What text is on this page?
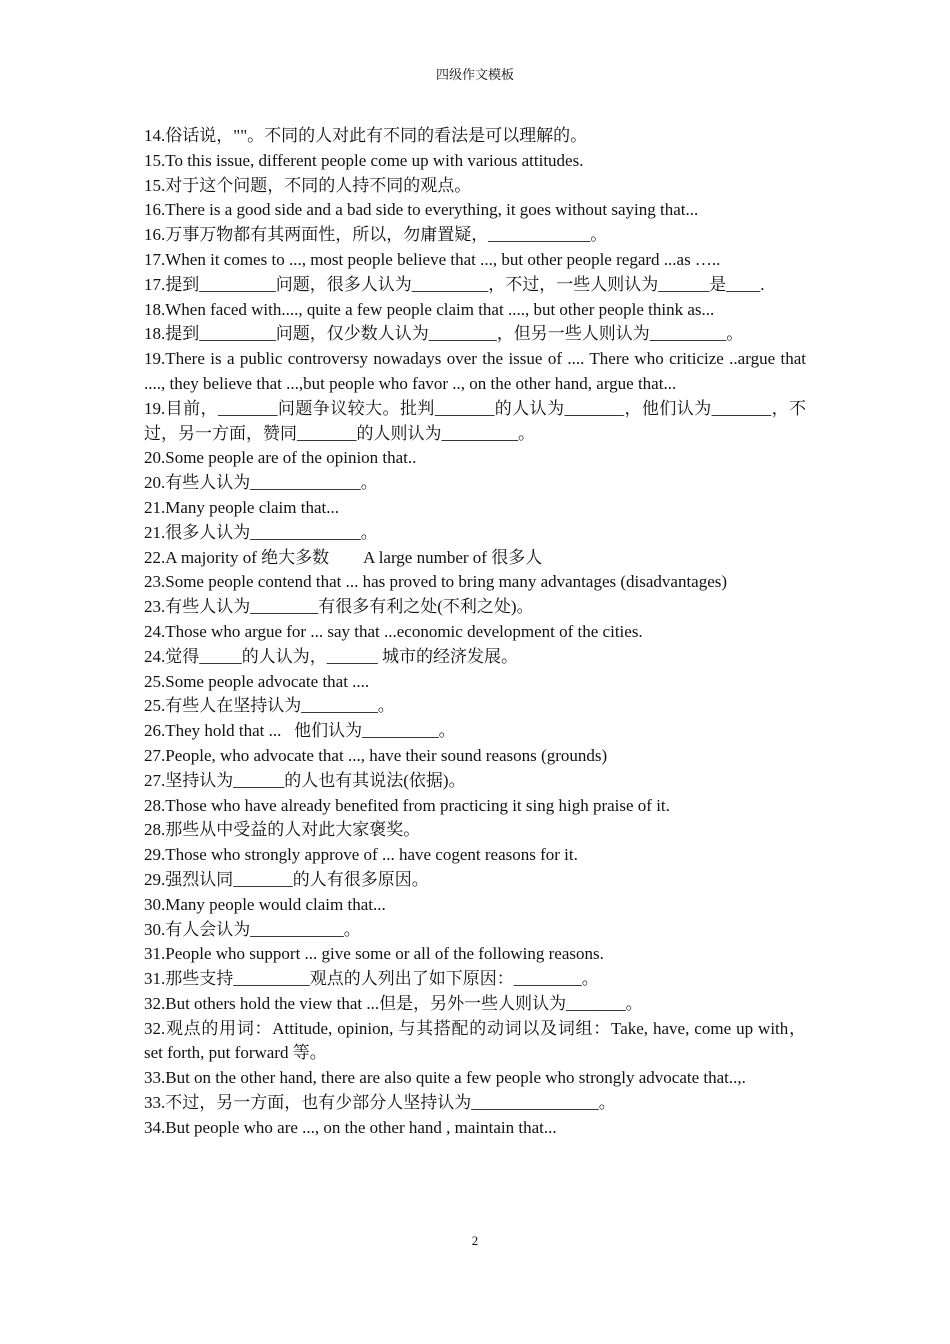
四级作文模板

14.俗话说，""。不同的人对此有不同的看法是可以理解的。

15.To this issue, different people come up with various attitudes.

15.对于这个问题，不同的人持不同的观点。

16.There is a good side and a bad side to everything, it goes without saying that...

16.万事万物都有其两面性，所以，勿庸置疑，____________。

17.When it comes to ..., most people believe that ..., but other people regard ...as …..

17.提到_________问题，很多人认为_________，不过，一些人则认为______是____.

18.When faced with...., quite a few people claim that ...., but other people think as...

18.提到_________问题，仅少数人认为________，但另一些人则认为_________。

19.There is a public controversy nowadays over the issue of .... There who criticize ..argue that ...., they believe that ...,but people who favor .., on the other hand, argue that...

19.目前，_______问题争议较大。批判_______的人认为_______，他们认为_______，不过，另一方面，赞同_______的人则认为_________。

20.Some people are of the opinion that..

20.有些人认为_____________。

21.Many people claim that...

21.很多人认为_____________。

22.A majority of 绝大多数        A large number of 很多人

23.Some people contend that ... has proved to bring many advantages (disadvantages)

23.有些人认为________有很多有利之处(不利之处)。

24.Those who argue for ... say that ...economic development of the cities.

24.觉得_____的人认为，______ 城市的经济发展。

25.Some people advocate that ....

25.有些人在坚持认为_________。

26.They hold that ...   他们认为_________。

27.People, who advocate that ..., have their sound reasons (grounds)

27.坚持认为______的人也有其说法(依据)。

28.Those who have already benefited from practicing it sing high praise of it.

28.那些从中受益的人对此大家褒奖。

29.Those who strongly approve of ... have cogent reasons for it.

29.强烈认同_______的人有很多原因。

30.Many people would claim that...

30.有人会认为___________。

31.People who support ... give some or all of the following reasons.

31.那些支持_________观点的人列出了如下原因：________。

32.But others hold the view that ...但是，另外一些人则认为_______。

32.观点的用词：Attitude, opinion, 与其搭配的动词以及词组：Take, have, come up with，set forth, put forward 等。

33.But on the other hand, there are also quite a few people who strongly advocate that..,.

33.不过，另一方面，也有少部分人坚持认为_______________。

34.But people who are ..., on the other hand , maintain that...

2
